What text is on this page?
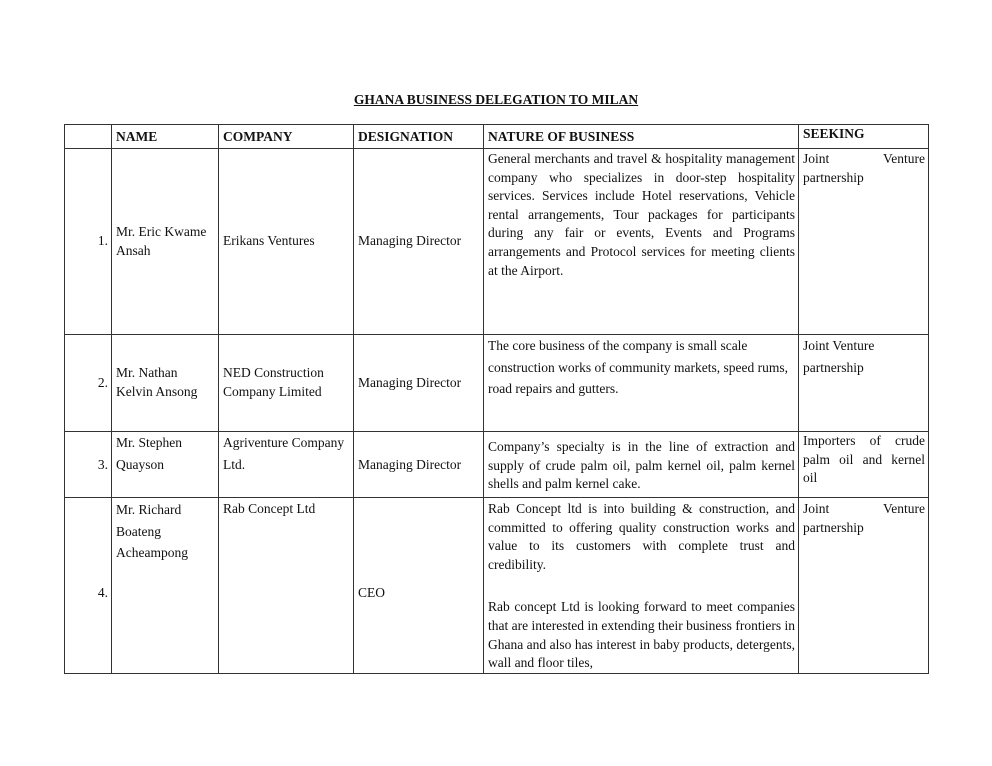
GHANA BUSINESS DELEGATION TO MILAN
	NAME	COMPANY	DESIGNATION	NATURE OF BUSINESS	SEEKING
1.	Mr. Eric Kwame Ansah	Erikans Ventures	Managing Director	General merchants and travel & hospitality management company who specializes in door-step hospitality services. Services include Hotel reservations, Vehicle rental arrangements, Tour packages for participants during any fair or events, Events and Programs arrangements and Protocol services for meeting clients at the Airport.	Joint Venture partnership
2.	Mr. Nathan Kelvin Ansong	NED Construction Company Limited	Managing Director	The core business of the company is small scale construction works of community markets, speed rums, road repairs and gutters.	Joint Venture partnership
3.	Mr. Stephen Quayson	Agriventure Company Ltd.	Managing Director	Company’s specialty is in the line of extraction and supply of crude palm oil, palm kernel oil, palm kernel shells and palm kernel cake.	Importers of crude palm oil and kernel oil
4.	Mr. Richard Boateng Acheampong	Rab Concept Ltd	CEO	Rab Concept ltd is into building & construction, and committed to offering quality construction works and value to its customers with complete trust and credibility.

Rab concept Ltd is looking forward to meet companies that are interested in extending their business frontiers in Ghana and also has interest in baby products, detergents, wall and floor tiles,	Joint Venture partnership
